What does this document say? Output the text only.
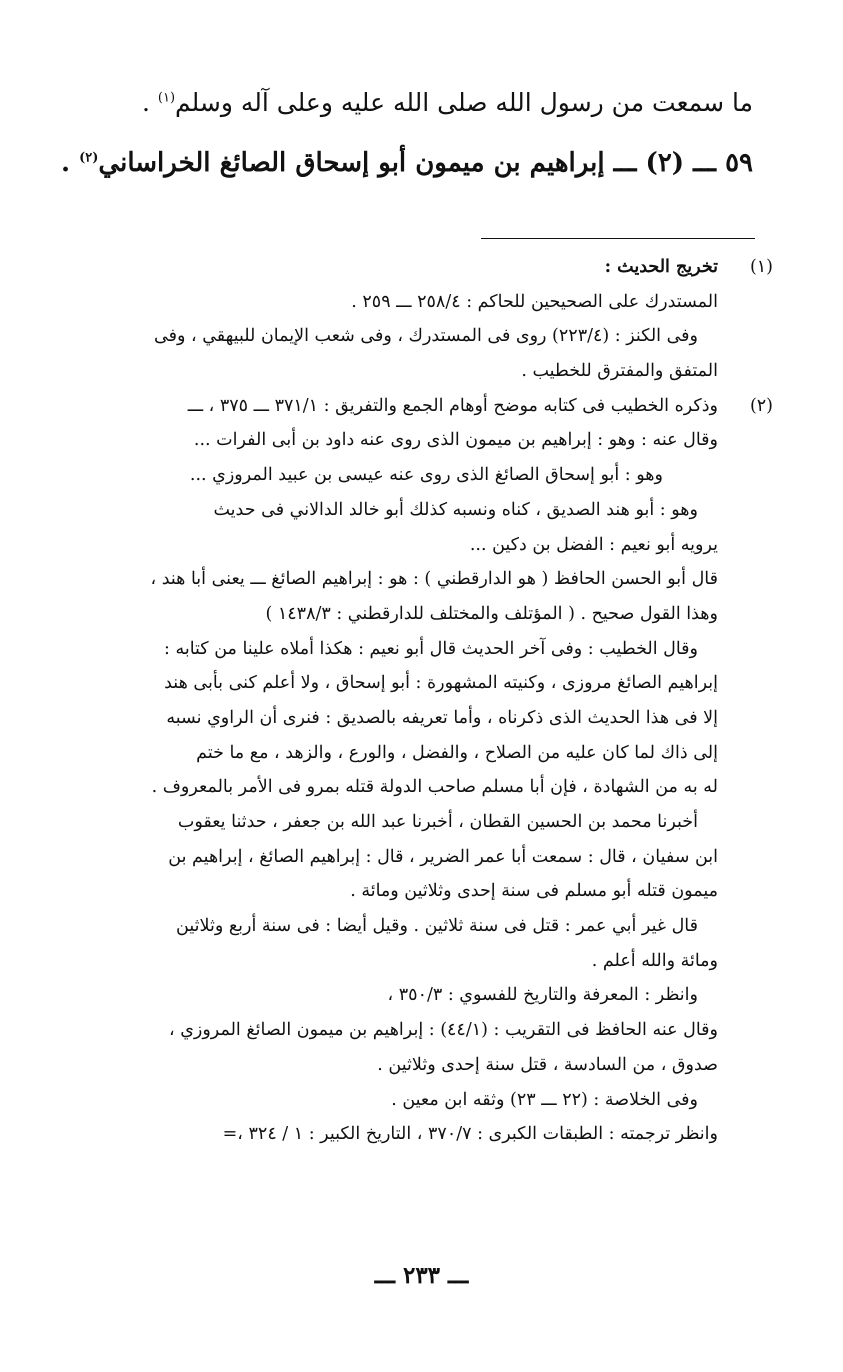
ما سمعت من رسول الله صلى الله عليه وعلى آله وسلم$^{(١)}$ .
٥٩ ـــ (٢) ـــ إبراهيم بن ميمون أبو إسحاق الصائغ الخراساني$^{(٢)}$ .
(١)
تخريج الحديث :
المستدرك على الصحيحين للحاكم : ٢٥٨/٤ ـــ ٢٥٩ .
وفى الكنز : (٢٢٣/٤) روى فى المستدرك ، وفى شعب الإيمان للبيهقي ، وفى
المتفق والمفترق للخطيب .
(٢)
وذكره الخطيب فى كتابه موضح أوهام الجمع والتفريق : ٣٧١/١ ـــ ٣٧٥ ، ـــ
وقال عنه : وهو : إبراهيم بن ميمون الذى روى عنه داود بن أبى الفرات ...
وهو : أبو إسحاق الصائغ الذى روى عنه عيسى بن عبيد المروزي ...
وهو : أبو هند الصديق ، كناه ونسبه كذلك أبو خالد الدالاني فى حديث
يرويه أبو نعيم : الفضل بن دكين ...
قال أبو الحسن الحافظ ( هو الدارقطني ) : هو : إبراهيم الصائغ ـــ يعنى أبا هند ،
وهذا القول صحيح . ( المؤتلف والمختلف للدارقطني : ١٤٣٨/٣ )
وقال الخطيب : وفى آخر الحديث قال أبو نعيم : هكذا أملاه علينا من كتابه :
إبراهيم الصائغ مروزى ، وكنيته المشهورة : أبو إسحاق ، ولا أعلم كنى بأبى هند
إلا فى هذا الحديث الذى ذكرناه ، وأما تعريفه بالصديق : فنرى أن الراوي نسبه
إلى ذاك لما كان عليه من الصلاح ، والفضل ، والورع ، والزهد ، مع ما ختم
له به من الشهادة ، فإن أبا مسلم صاحب الدولة قتله بمرو فى الأمر بالمعروف .
أخبرنا محمد بن الحسين القطان ، أخبرنا عبد الله بن جعفر ، حدثنا يعقوب
ابن سفيان ، قال : سمعت أبا عمر الضرير ، قال : إبراهيم الصائغ ، إبراهيم بن
ميمون قتله أبو مسلم فى سنة إحدى وثلاثين ومائة .
قال غير أبي عمر : قتل فى سنة ثلاثين . وقيل أيضا : فى سنة أربع وثلاثين
ومائة والله أعلم .
وانظر : المعرفة والتاريخ للفسوي : ٣٥٠/٣ ،
وقال عنه الحافظ فى التقريب : (٤٤/١) : إبراهيم بن ميمون الصائغ المروزي ،
صدوق ، من السادسة ، قتل سنة إحدى وثلاثين .
وفى الخلاصة : (٢٢ ـــ ٢٣) وثقه ابن معين .
وانظر ترجمته : الطبقات الكبرى : ٣٧٠/٧ ، التاريخ الكبير : ١ / ٣٢٤ ،=
ـــ ٢٣٣ ـــ
